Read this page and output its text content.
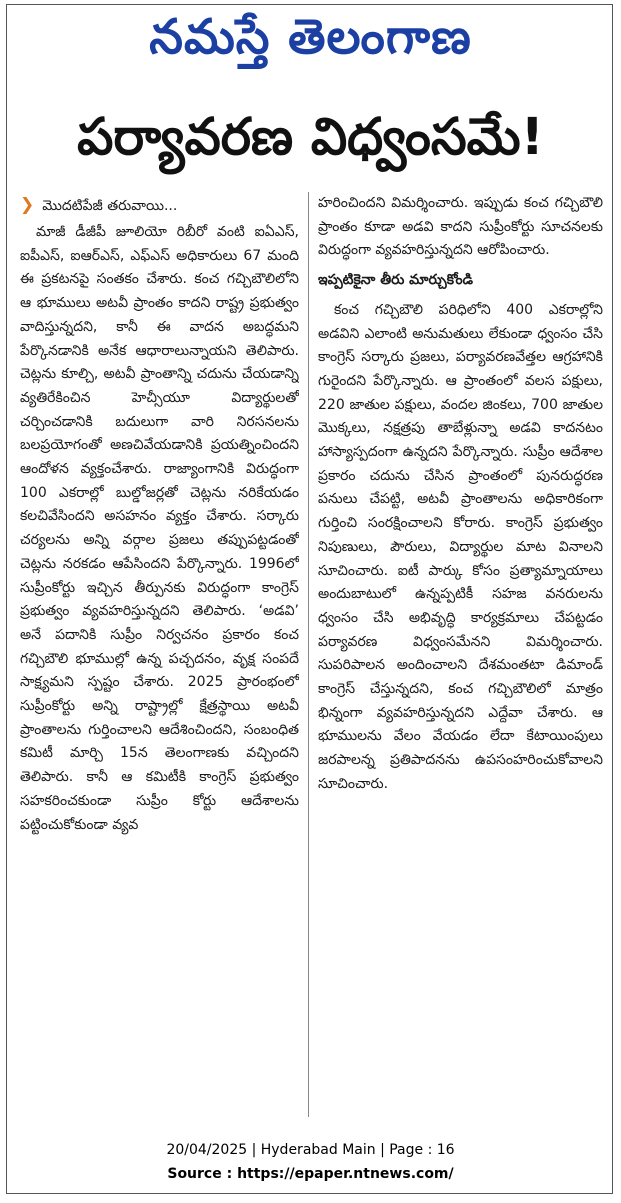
నమస్తే తెలంగాణ
పర్యావరణ విధ్వంసమే!
❯ మొదటిపేజీ తరువాయి...

మాజీ డీజీపీ జూలియో రిబీరో వంటి ఐఏఎస్, ఐపీఎస్, ఐఆర్ఎస్, ఎఫ్ఎస్ అధికారులు 67 మంది ఈ ప్రకటనపై సంతకం చేశారు. కంచ గచ్చిబౌలిలోని ఆ భూములు అటవీ ప్రాంతం కాదని రాష్ట్ర ప్రభుత్వం వాదిస్తున్నదని, కానీ ఈ వాదన అబద్ధమని పేర్కొనడానికి అనేక ఆధారాలున్నాయని తెలిపారు. చెట్లను కూల్చి, అటవీ ప్రాంతాన్ని చదును చేయడాన్ని వ్యతిరేకించిన హెచ్సీయూ విద్యార్థులతో చర్చించడానికి బదులుగా వారి నిరసనలను బలప్రయోగంతో అణచివేయడానికి ప్రయత్నించిందని ఆందోళన వ్యక్తంచేశారు. రాజ్యాంగానికి విరుద్ధంగా 100 ఎకరాల్లో బుల్డోజర్లతో చెట్లను నరికేయడం కలచివేసిందని అసహనం వ్యక్తం చేశారు. సర్కారు చర్యలను అన్ని వర్గాల ప్రజలు తప్పుపట్టడంతో చెట్లను నరకడం ఆపేసిందని పేర్కొన్నారు. 1996లో సుప్రీంకోర్టు ఇచ్చిన తీర్పునకు విరుద్ధంగా కాంగ్రెస్ ప్రభుత్వం వ్యవహరిస్తున్నదని తెలిపారు. ‘అడవి’ అనే పదానికి సుప్రీం నిర్వచనం ప్రకారం కంచ గచ్చిబౌలి భూముల్లో ఉన్న పచ్చదనం, వృక్ష సంపదే సాక్ష్యమని స్పష్టం చేశారు. 2025 ప్రారంభంలో సుప్రీంకోర్టు అన్ని రాష్ట్రాల్లో క్షేత్రస్థాయి అటవీ ప్రాంతాలను గుర్తించాలని ఆదేశించిందని, సంబంధిత కమిటీ మార్చి 15న తెలంగాణకు వచ్చిందని తెలిపారు. కానీ ఆ కమిటీకి కాంగ్రెస్ ప్రభుత్వం సహకరించకుండా సుప్రీం కోర్టు ఆదేశాలను పట్టించుకోకుండా వ్యవ

హరించిందని విమర్శించారు. ఇప్పుడు కంచ గచ్చిబౌలి ప్రాంతం కూడా అడవి కాదని సుప్రీంకోర్టు సూచనలకు విరుద్ధంగా వ్యవహరిస్తున్నదని ఆరోపించారు.

ఇప్పటికైనా తీరు మార్చుకోండి

కంచ గచ్చిబౌలి పరిధిలోని 400 ఎకరాల్లోని అడవిని ఎలాంటి అనుమతులు లేకుండా ధ్వంసం చేసి కాంగ్రెస్ సర్కారు ప్రజలు, పర్యావరణవేత్తల ఆగ్రహానికి గురైందని పేర్కొన్నారు. ఆ ప్రాంతంలో వలస పక్షులు, 220 జాతుల పక్షులు, వందల జింకలు, 700 జాతుల మొక్కలు, నక్షత్రపు తాబేళ్లున్నా అడవి కాదనటం హాస్యాస్పదంగా ఉన్నదని పేర్కొన్నారు. సుప్రీం ఆదేశాల ప్రకారం చదును చేసిన ప్రాంతంలో పునరుద్ధరణ పనులు చేపట్టి, అటవీ ప్రాంతాలను అధికారికంగా గుర్తించి సంరక్షించాలని కోరారు. కాంగ్రెస్ ప్రభుత్వం నిపుణులు, పౌరులు, విద్యార్థుల మాట వినాలని సూచించారు. ఐటీ పార్కు కోసం ప్రత్యామ్నాయాలు అందుబాటులో ఉన్నప్పటికీ సహజ వనరులను ధ్వంసం చేసి అభివృద్ధి కార్యక్రమాలు చేపట్టడం పర్యావరణ విధ్వంసమేనని విమర్శించారు. సుపరిపాలన అందించాలని దేశమంతటా డిమాండ్ కాంగ్రెస్ చేస్తున్నదని, కంచ గచ్చిబౌలిలో మాత్రం భిన్నంగా వ్యవహరిస్తున్నదని ఎద్దేవా చేశారు. ఆ భూములను వేలం వేయడం లేదా కేటాయింపులు జరపాలన్న ప్రతిపాదనను ఉపసంహరించుకోవాలని సూచించారు.

20/04/2025 | Hyderabad Main | Page : 16
Source : https://epaper.ntnews.com/
